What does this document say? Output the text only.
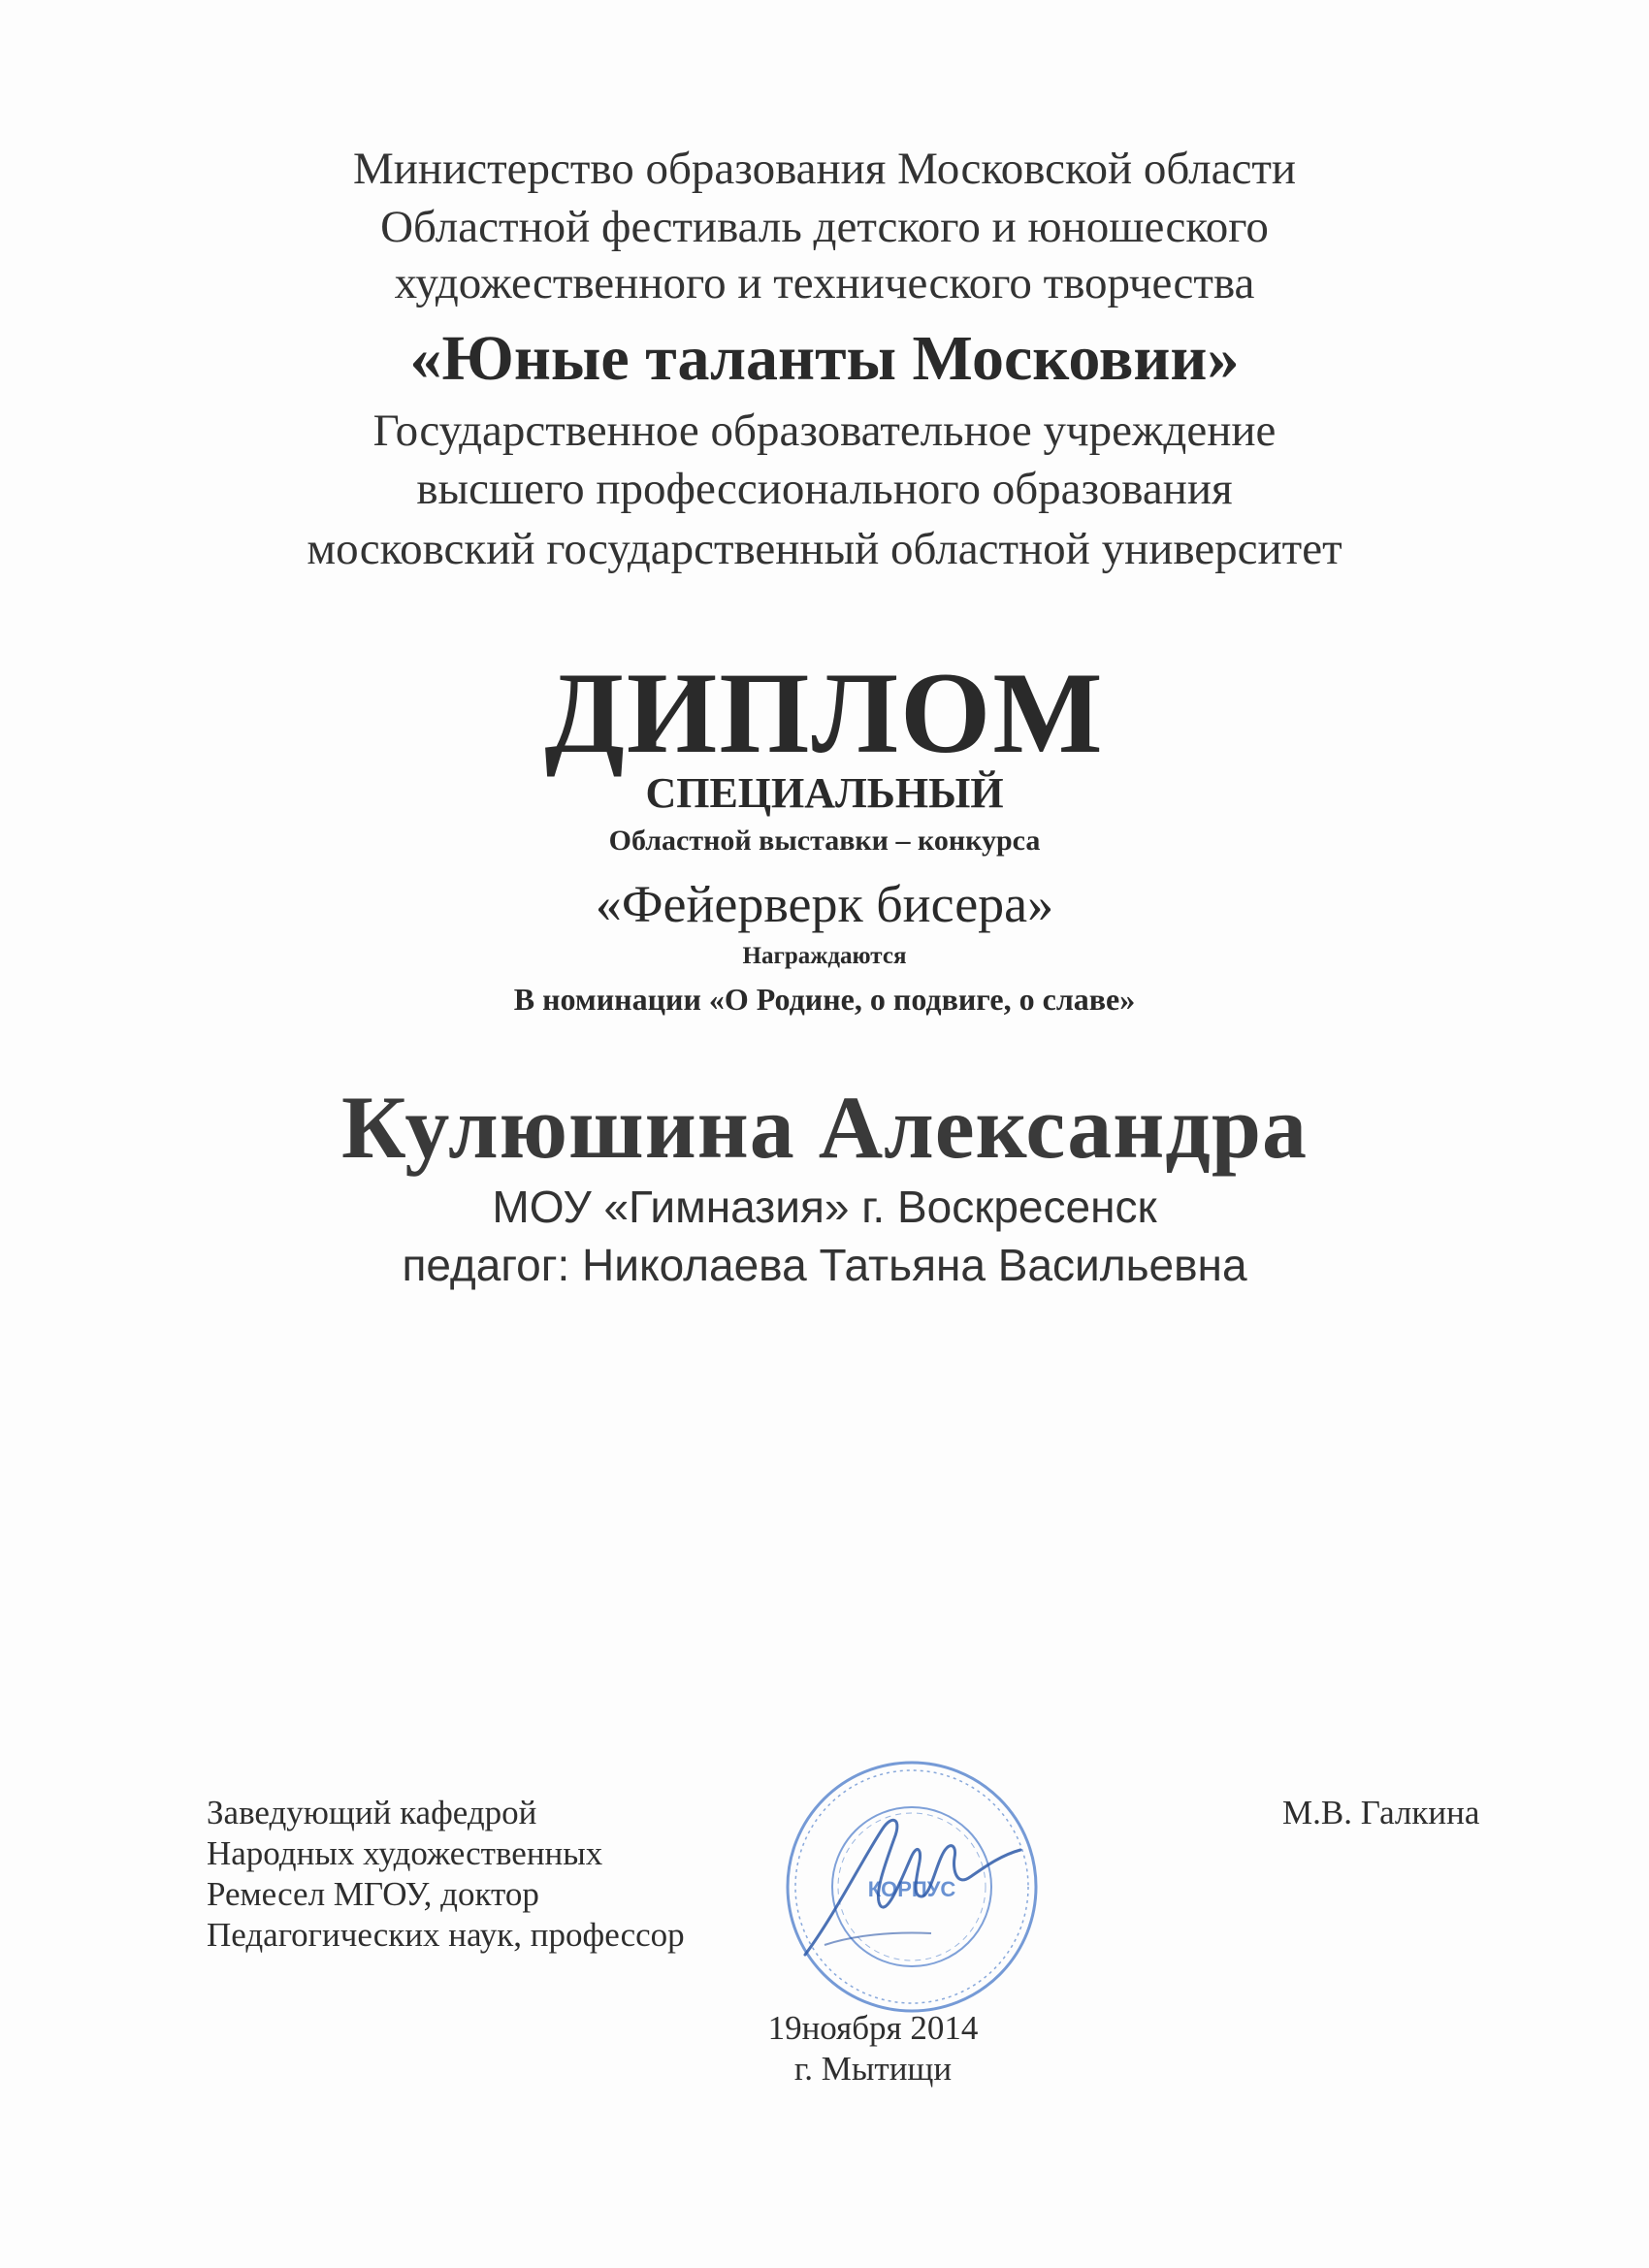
Министерство образования Московской области
Областной фестиваль детского и юношеского
художественного и технического творчества
«Юные таланты Московии»
Государственное образовательное учреждение
высшего профессионального образования
московский государственный областной университет
ДИПЛОМ
СПЕЦИАЛЬНЫЙ
Областной выставки – конкурса
«Фейерверк бисера»
Награждаются
В номинации «О Родине, о подвиге, о славе»
Кулюшина Александра
МОУ «Гимназия» г. Воскресенск
педагог: Николаева Татьяна Васильевна
Заведующий кафедрой
Народных художественных
Ремесел МГОУ, доктор
Педагогических наук, профессор
М.В. Галкина
КОРПУС
19ноября 2014
г. Мытищи
